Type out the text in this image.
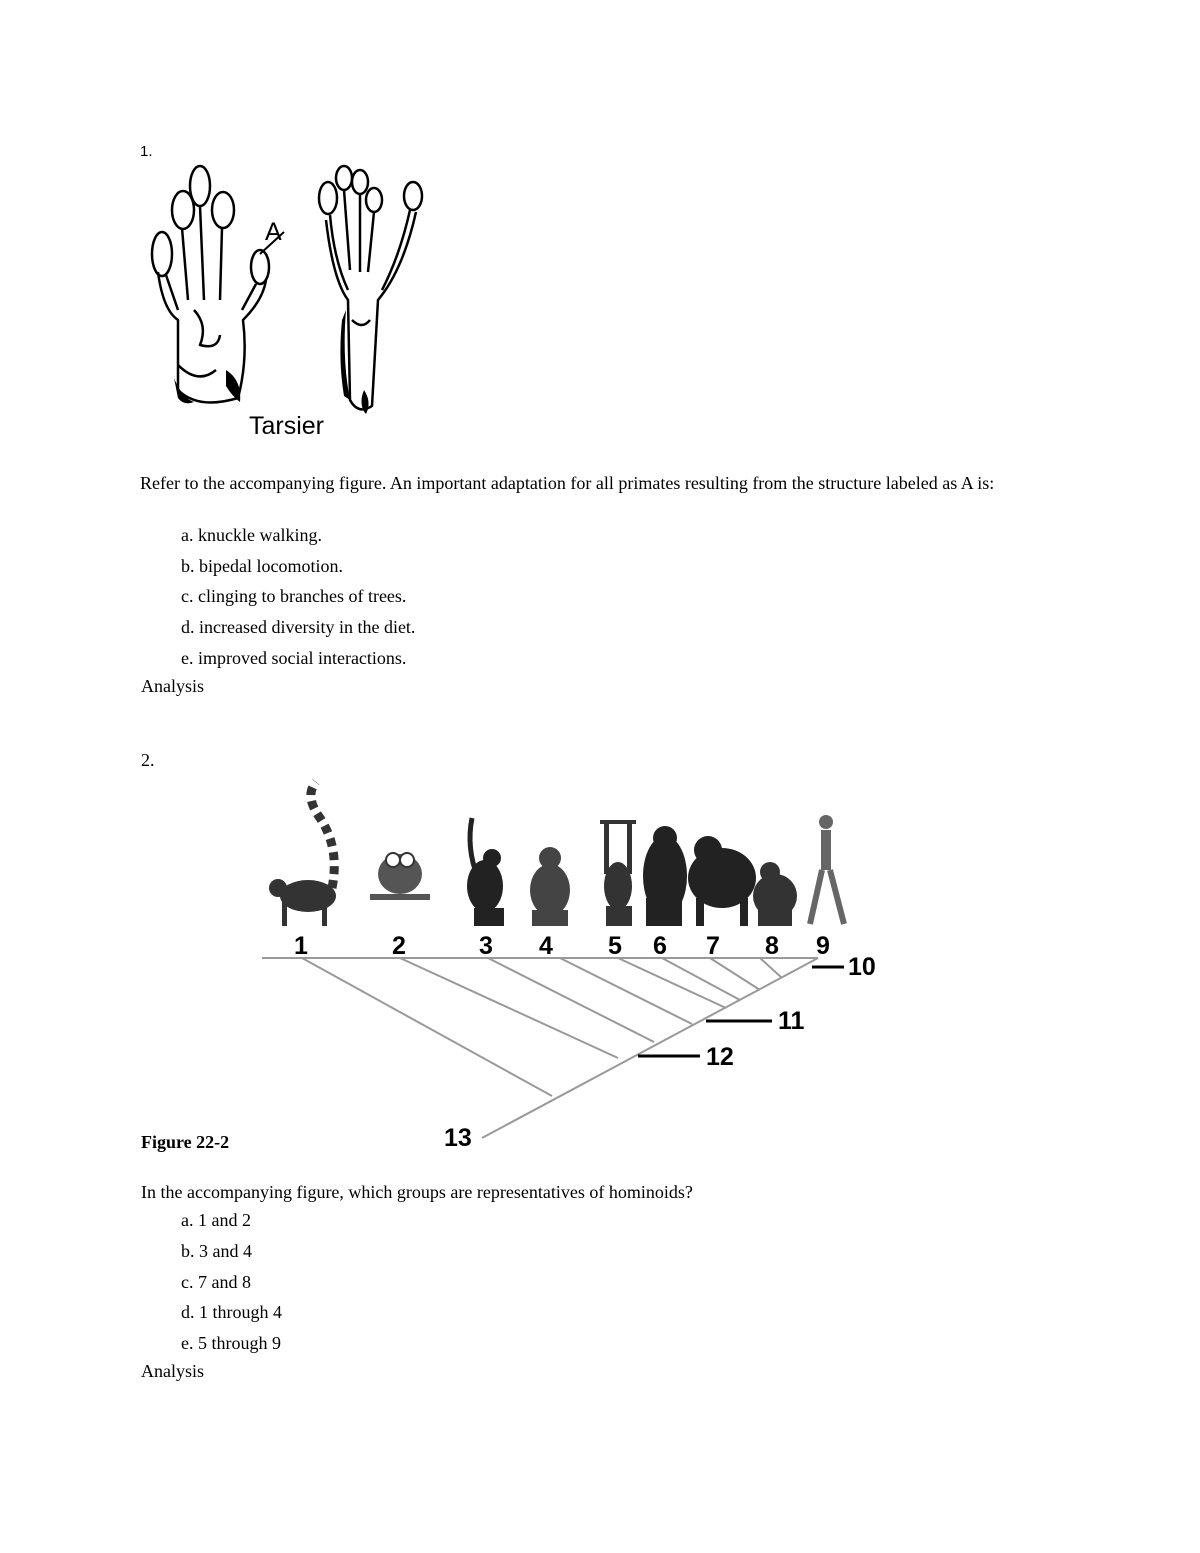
1.
A
Tarsier
Refer to the accompanying figure. An important adaptation for all primates resulting from the structure labeled as A is:
a. knuckle walking.
b. bipedal locomotion.
c. clinging to branches of trees.
d. increased diversity in the diet.
e. improved social interactions.
Analysis
2.
1	2	3 4 5 6 7 8 9
10
11
12
13
Figure 22-2
In the accompanying figure, which groups are representatives of hominoids?
a. 1 and 2
b. 3 and 4
c. 7 and 8
d. 1 through 4
e. 5 through 9
Analysis
